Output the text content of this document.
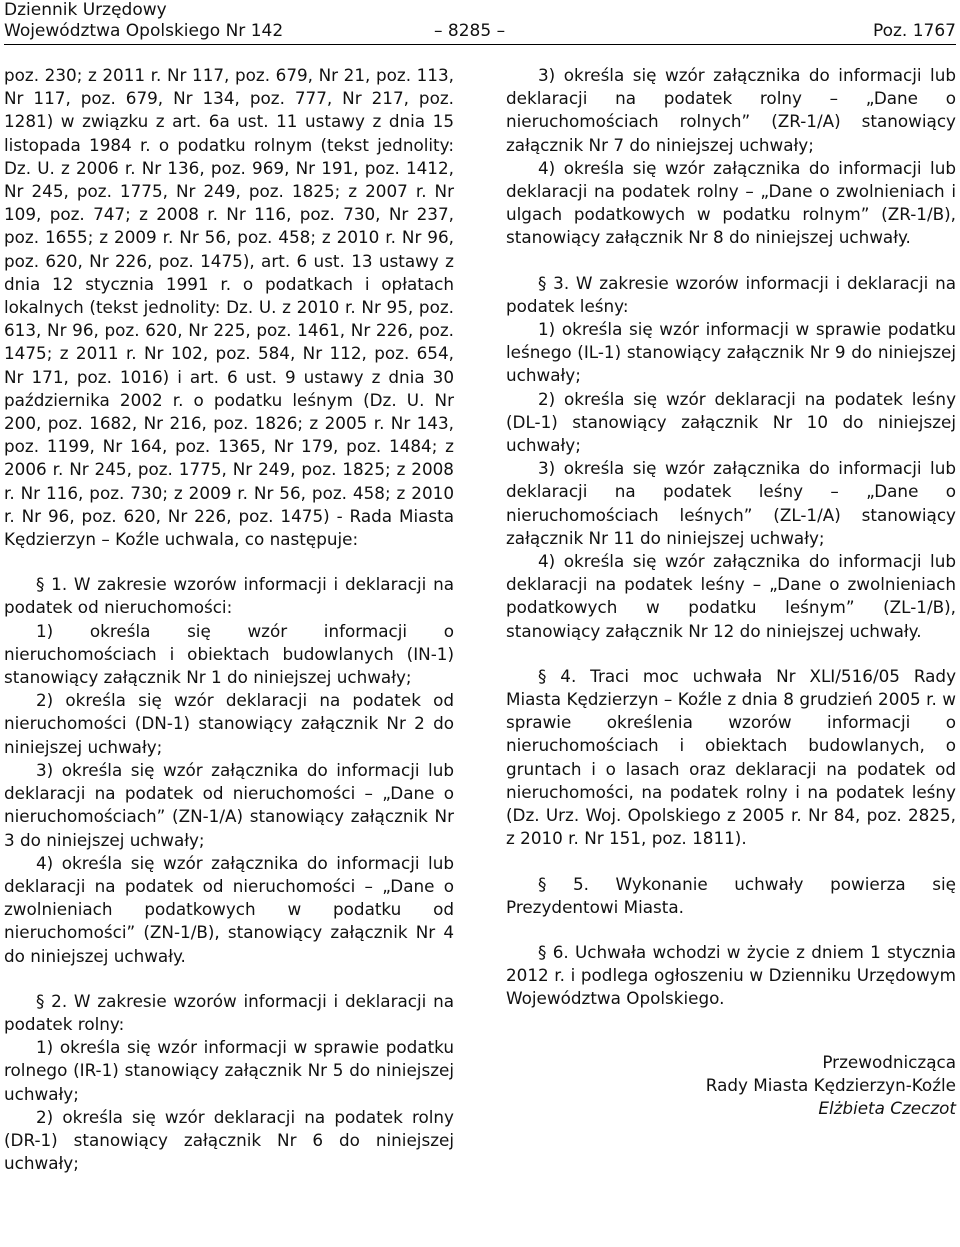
Dziennik Urzędowy
Województwa Opolskiego Nr 142	– 8285 –	Poz. 1767

poz. 230; z 2011 r. Nr 117, poz. 679, Nr 21, poz. 113, Nr 117, poz. 679, Nr 134, poz. 777, Nr 217, poz. 1281) w związku z art. 6a ust. 11 ustawy z dnia 15 listopada 1984 r. o podatku rolnym (tekst jednolity: Dz. U. z 2006 r. Nr 136, poz. 969, Nr 191, poz. 1412, Nr 245, poz. 1775, Nr 249, poz. 1825; z 2007 r. Nr 109, poz. 747; z 2008 r. Nr 116, poz. 730, Nr 237, poz. 1655; z 2009 r. Nr 56, poz. 458; z 2010 r. Nr 96, poz. 620, Nr 226, poz. 1475), art. 6 ust. 13 ustawy z dnia 12 stycznia 1991 r. o podatkach i opłatach lokalnych (tekst jednolity: Dz. U. z 2010 r. Nr 95, poz. 613, Nr 96, poz. 620, Nr 225, poz. 1461, Nr 226, poz. 1475; z 2011 r. Nr 102, poz. 584, Nr 112, poz. 654, Nr 171, poz. 1016) i art. 6 ust. 9 ustawy z dnia 30 października 2002 r. o podatku leśnym (Dz. U. Nr 200, poz. 1682, Nr 216, poz. 1826; z 2005 r. Nr 143, poz. 1199, Nr 164, poz. 1365, Nr 179, poz. 1484; z 2006 r. Nr 245, poz. 1775, Nr 249, poz. 1825; z 2008 r. Nr 116, poz. 730; z 2009 r. Nr 56, poz. 458; z 2010 r. Nr 96, poz. 620, Nr 226, poz. 1475) - Rada Miasta Kędzierzyn – Koźle uchwala, co następuje:

§ 1. W zakresie wzorów informacji i deklaracji na podatek od nieruchomości:

1) określa się wzór informacji o nieruchomościach i obiektach budowlanych (IN-1) stanowiący załącznik Nr 1 do niniejszej uchwały;

2) określa się wzór deklaracji na podatek od nieruchomości (DN-1) stanowiący załącznik Nr 2 do niniejszej uchwały;

3) określa się wzór załącznika do informacji lub deklaracji na podatek od nieruchomości – „Dane o nieruchomościach” (ZN-1/A) stanowiący załącznik Nr 3 do niniejszej uchwały;

4) określa się wzór załącznika do informacji lub deklaracji na podatek od nieruchomości – „Dane o zwolnieniach podatkowych w podatku od nieruchomości” (ZN-1/B), stanowiący załącznik Nr 4 do niniejszej uchwały.

§ 2. W zakresie wzorów informacji i deklaracji na podatek rolny:

1) określa się wzór informacji w sprawie podatku rolnego (IR-1) stanowiący załącznik Nr 5 do niniejszej uchwały;

2) określa się wzór deklaracji na podatek rolny (DR-1) stanowiący załącznik Nr 6 do niniejszej uchwały;

3) określa się wzór załącznika do informacji lub deklaracji na podatek rolny – „Dane o nieruchomościach rolnych” (ZR-1/A) stanowiący załącznik Nr 7 do niniejszej uchwały;

4) określa się wzór załącznika do informacji lub deklaracji na podatek rolny – „Dane o zwolnieniach i ulgach podatkowych w podatku rolnym” (ZR-1/B), stanowiący załącznik Nr 8 do niniejszej uchwały.

§ 3. W zakresie wzorów informacji i deklaracji na podatek leśny:

1) określa się wzór informacji w sprawie podatku leśnego (IL-1) stanowiący załącznik Nr 9 do niniejszej uchwały;

2) określa się wzór deklaracji na podatek leśny (DL-1) stanowiący załącznik Nr 10 do niniejszej uchwały;

3) określa się wzór załącznika do informacji lub deklaracji na podatek leśny – „Dane o nieruchomościach leśnych” (ZL-1/A) stanowiący załącznik Nr 11 do niniejszej uchwały;

4) określa się wzór załącznika do informacji lub deklaracji na podatek leśny – „Dane o zwolnieniach podatkowych w podatku leśnym” (ZL-1/B), stanowiący załącznik Nr 12 do niniejszej uchwały.

§ 4. Traci moc uchwała Nr XLI/516/05 Rady Miasta Kędzierzyn – Koźle z dnia 8 grudzień 2005 r. w sprawie określenia wzorów informacji o nieruchomościach i obiektach budowlanych, o gruntach i o lasach oraz deklaracji na podatek od nieruchomości, na podatek rolny i na podatek leśny (Dz. Urz. Woj. Opolskiego z 2005 r. Nr 84, poz. 2825, z 2010 r. Nr 151, poz. 1811).

§ 5. Wykonanie uchwały powierza się Prezydentowi Miasta.

§ 6. Uchwała wchodzi w życie z dniem 1 stycznia 2012 r. i podlega ogłoszeniu w Dzienniku Urzędowym Województwa Opolskiego.

Przewodnicząca
Rady Miasta Kędzierzyn-Koźle
Elżbieta Czeczot
